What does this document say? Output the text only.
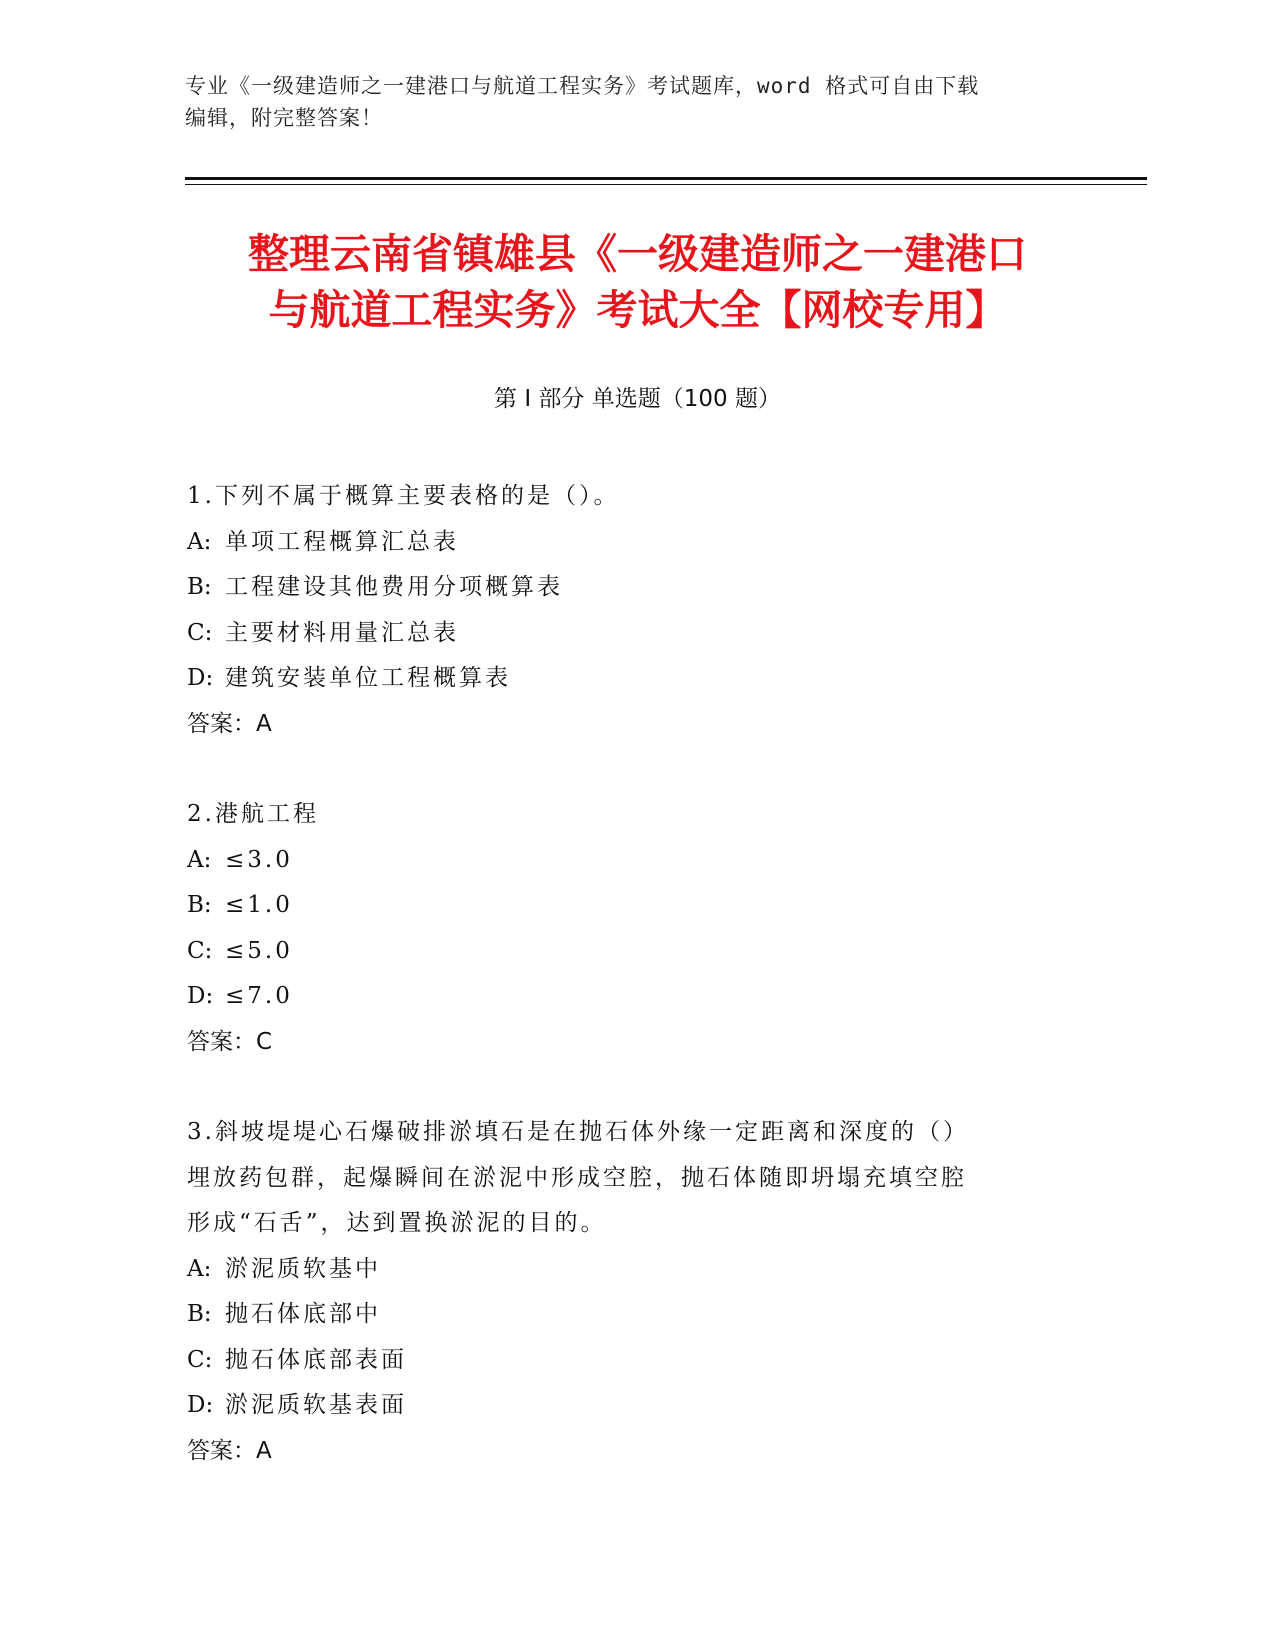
专业《一级建造师之一建港口与航道工程实务》考试题库，word 格式可自由下载
编辑，附完整答案！
整理云南省镇雄县《一级建造师之一建港口
与航道工程实务》考试大全【网校专用】
第 I 部分 单选题（100 题）
1.下列不属于概算主要表格的是（）。
A: 单项工程概算汇总表
B: 工程建设其他费用分项概算表
C: 主要材料用量汇总表
D: 建筑安装单位工程概算表
答案：A
2.港航工程
A: ≤3.0
B: ≤1.0
C: ≤5.0
D: ≤7.0
答案：C
3.斜坡堤堤心石爆破排淤填石是在抛石体外缘一定距离和深度的（）
埋放药包群，起爆瞬间在淤泥中形成空腔，抛石体随即坍塌充填空腔
形成“石舌”，达到置换淤泥的目的。
A: 淤泥质软基中
B: 抛石体底部中
C: 抛石体底部表面
D: 淤泥质软基表面
答案：A
